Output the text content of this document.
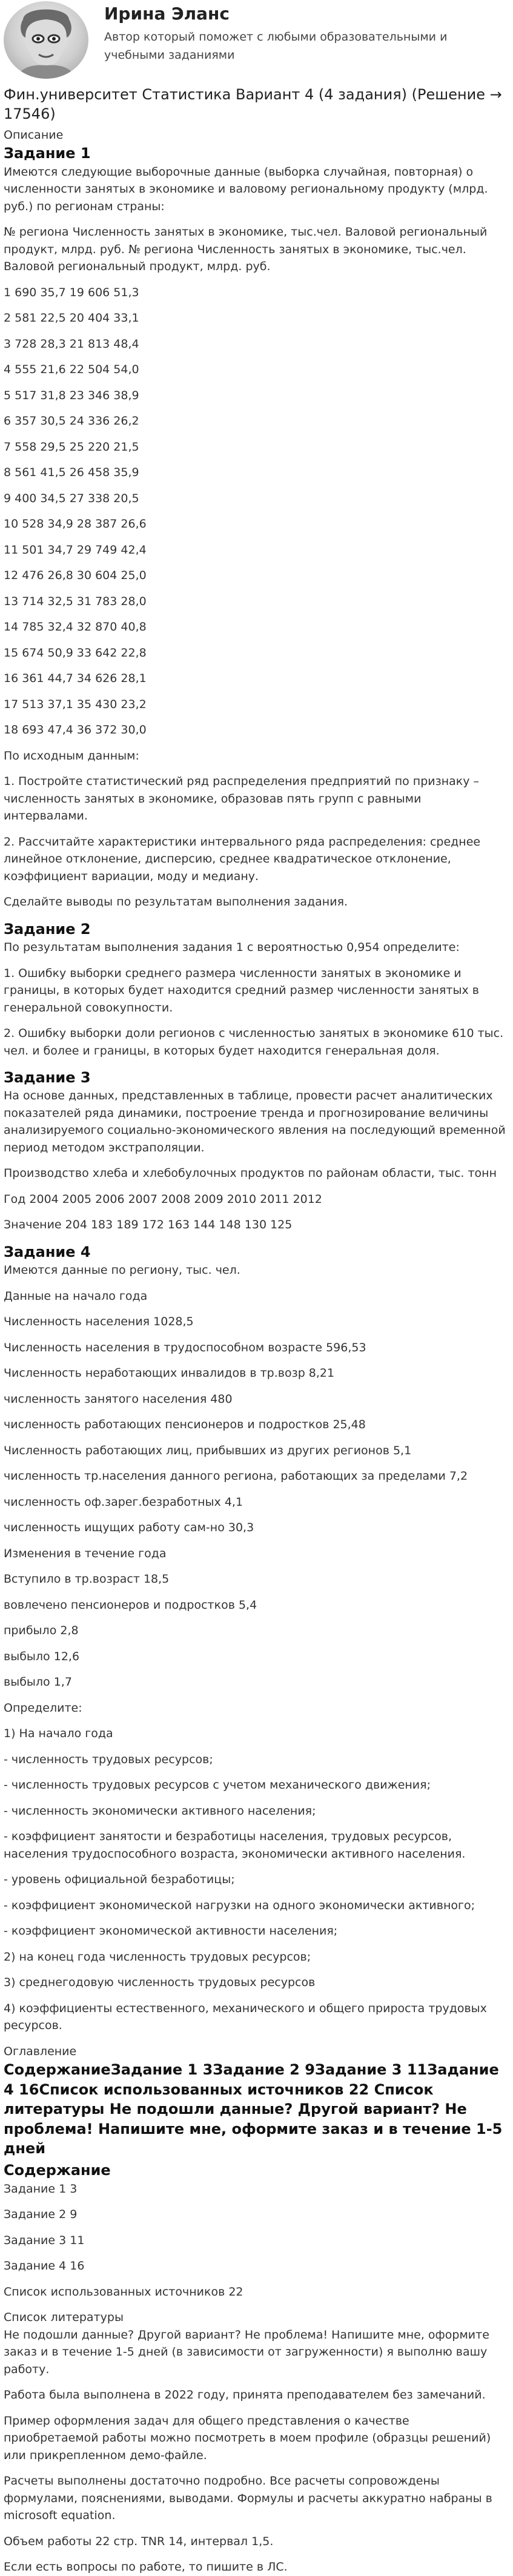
Ирина Эланс
Автор который поможет с любыми образовательными и учебными заданиями
Фин.университет Статистика Вариант 4 (4 задания) (Решение → 17546)
Описание
Задание 1

Имеются следующие выборочные данные (выборка случайная, повторная) о численности занятых в экономике и валовому региональному продукту (млрд. руб.) по регионам страны:

№ региона Численность занятых в экономике, тыс.чел. Валовой региональный продукт, млрд. руб. № региона Численность занятых в экономике, тыс.чел. Валовой региональный продукт, млрд. руб.

1 690 35,7 19 606 51,3

2 581 22,5 20 404 33,1

3 728 28,3 21 813 48,4

4 555 21,6 22 504 54,0

5 517 31,8 23 346 38,9

6 357 30,5 24 336 26,2

7 558 29,5 25 220 21,5

8 561 41,5 26 458 35,9

9 400 34,5 27 338 20,5

10 528 34,9 28 387 26,6

11 501 34,7 29 749 42,4

12 476 26,8 30 604 25,0

13 714 32,5 31 783 28,0

14 785 32,4 32 870 40,8

15 674 50,9 33 642 22,8

16 361 44,7 34 626 28,1

17 513 37,1 35 430 23,2

18 693 47,4 36 372 30,0

По исходным данным:

1. Постройте статистический ряд распределения предприятий по признаку – численность занятых в экономике, образовав пять групп с равными интервалами.

2. Рассчитайте характеристики интервального ряда распределения: среднее линейное отклонение, дисперсию, среднее квадратическое отклонение, коэффициент вариации, моду и медиану.

Сделайте выводы по результатам выполнения задания.

Задание 2

По результатам выполнения задания 1 с вероятностью 0,954 определите:

1. Ошибку выборки среднего размера численности занятых в экономике и границы, в которых будет находится средний размер численности занятых в генеральной совокупности.

2. Ошибку выборки доли регионов с численностью занятых в экономике 610 тыс. чел. и более и границы, в которых будет находится генеральная доля.

Задание 3

На основе данных, представленных в таблице, провести расчет аналитических показателей ряда динамики, построение тренда и прогнозирование величины анализируемого социально-экономического явления на последующий временной период методом экстраполяции.

Производство хлеба и хлебобулочных продуктов по районам области, тыс. тонн

Год 2004 2005 2006 2007 2008 2009 2010 2011 2012

Значение 204 183 189 172 163 144 148 130 125

Задание 4

Имеются данные по региону, тыс. чел.

Данные на начало года

Численность населения 1028,5

Численность населения в трудоспособном возрасте 596,53

Численность неработающих инвалидов в тр.возр 8,21

численность занятого населения 480

численность работающих пенсионеров и подростков 25,48

Численность работающих лиц, прибывших из других регионов 5,1

численность тр.населения данного региона, работающих за пределами 7,2

численность оф.зарег.безработных 4,1

численность ищущих работу сам-но 30,3

Изменения в течение года

Вступило в тр.возраст 18,5

вовлечено пенсионеров и подростков 5,4

прибыло 2,8

выбыло 12,6

выбыло 1,7

Определите:

1) На начало года

- численность трудовых ресурсов;

- численность трудовых ресурсов с учетом механического движения;

- численность экономически активного населения;

- коэффициент занятости и безработицы населения, трудовых ресурсов, населения трудоспособного возраста, экономически активного населения.

- уровень официальной безработицы;

- коэффициент экономической нагрузки на одного экономически активного;

- коэффициент экономической активности населения;

2) на конец года численность трудовых ресурсов;

3) среднегодовую численность трудовых ресурсов

4) коэффициенты естественного, механического и общего прироста трудовых ресурсов.

Оглавление
СодержаниеЗадание 1 3Задание 2 9Задание 3 11Задание 4 16Список использованных источников 22 Список литературы Не подошли данные? Другой вариант? Не проблема! Напишите мне, оформите заказ и в течение 1-5 дней
Содержание

Задание 1 3

Задание 2 9

Задание 3 11

Задание 4 16

Список использованных источников 22

Список литературы

Не подошли данные? Другой вариант? Не проблема! Напишите мне, оформите заказ и в течение 1-5 дней (в зависимости от загруженности) я выполню вашу работу.

Работа была выполнена в 2022 году, принята преподавателем без замечаний.

Пример оформления задач для общего представления о качестве приобретаемой работы можно посмотреть в моем профиле (образцы решений) или прикрепленном демо-файле.

Расчеты выполнены достаточно подробно. Все расчеты сопровождены формулами, пояснениями, выводами. Формулы и расчеты аккуратно набраны в microsoft equation.

Объем работы 22 стр. TNR 14, интервал 1,5.

Если есть вопросы по работе, то пишите в ЛС.
